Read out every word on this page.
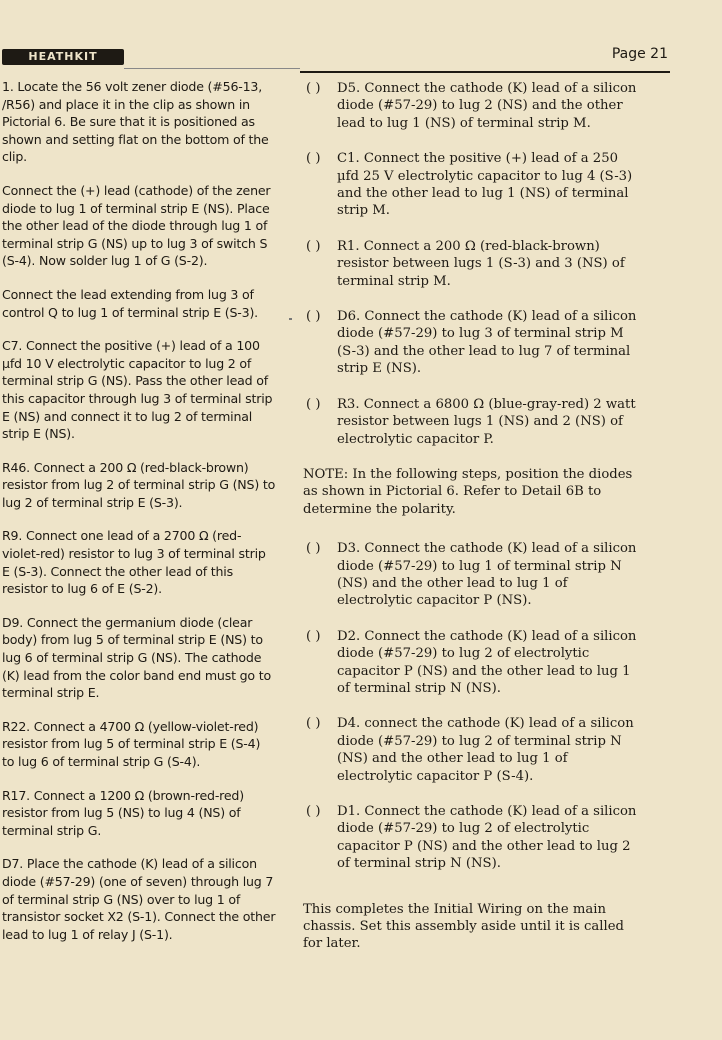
HEATHKIT	Page 21
1. Locate the 56 volt zener diode (#56-13, /R56) and place it in the clip as shown in Pictorial 6. Be sure that it is positioned as shown and setting flat on the bottom of the clip.
Connect the (+) lead (cathode) of the zener diode to lug 1 of terminal strip E (NS). Place the other lead of the diode through lug 1 of terminal strip G (NS) up to lug 3 of switch S (S-4). Now solder lug 1 of G (S-2).
Connect the lead extending from lug 3 of control Q to lug 1 of terminal strip E (S-3).
C7. Connect the positive (+) lead of a 100 µfd 10 V electrolytic capacitor to lug 2 of terminal strip G (NS). Pass the other lead of this capacitor through lug 3 of terminal strip E (NS) and connect it to lug 2 of terminal strip E (NS).
R46. Connect a 200 Ω (red-black-brown) resistor from lug 2 of terminal strip G (NS) to lug 2 of terminal strip E (S-3).
R9. Connect one lead of a 2700 Ω (red-violet-red) resistor to lug 3 of terminal strip E (S-3). Connect the other lead of this resistor to lug 6 of E (S-2).
D9. Connect the germanium diode (clear body) from lug 5 of terminal strip E (NS) to lug 6 of terminal strip G (NS). The cathode (K) lead from the color band end must go to terminal strip E.
R22. Connect a 4700 Ω (yellow-violet-red) resistor from lug 5 of terminal strip E (S-4) to lug 6 of terminal strip G (S-4).
R17. Connect a 1200 Ω (brown-red-red) resistor from lug 5 (NS) to lug 4 (NS) of terminal strip G.
D7. Place the cathode (K) lead of a silicon diode (#57-29) (one of seven) through lug 7 of terminal strip G (NS) over to lug 1 of transistor socket X2 (S-1). Connect the other lead to lug 1 of relay J (S-1).
( ) D5. Connect the cathode (K) lead of a silicon diode (#57-29) to lug 2 (NS) and the other lead to lug 1 (NS) of terminal strip M.
( ) C1. Connect the positive (+) lead of a 250 µfd 25 V electrolytic capacitor to lug 4 (S-3) and the other lead to lug 1 (NS) of terminal strip M.
( ) R1. Connect a 200 Ω (red-black-brown) resistor between lugs 1 (S-3) and 3 (NS) of terminal strip M.
( ) D6. Connect the cathode (K) lead of a silicon diode (#57-29) to lug 3 of terminal strip M (S-3) and the other lead to lug 7 of terminal strip E (NS).
( ) R3. Connect a 6800 Ω (blue-gray-red) 2 watt resistor between lugs 1 (NS) and 2 (NS) of electrolytic capacitor P.
NOTE: In the following steps, position the diodes as shown in Pictorial 6. Refer to Detail 6B to determine the polarity.
( ) D3. Connect the cathode (K) lead of a silicon diode (#57-29) to lug 1 of terminal strip N (NS) and the other lead to lug 1 of electrolytic capacitor P (NS).
( ) D2. Connect the cathode (K) lead of a silicon diode (#57-29) to lug 2 of electrolytic capacitor P (NS) and the other lead to lug 1 of terminal strip N (NS).
( ) D4. connect the cathode (K) lead of a silicon diode (#57-29) to lug 2 of terminal strip N (NS) and the other lead to lug 1 of electrolytic capacitor P (S-4).
( ) D1. Connect the cathode (K) lead of a silicon diode (#57-29) to lug 2 of electrolytic capacitor P (NS) and the other lead to lug 2 of terminal strip N (NS).
This completes the Initial Wiring on the main chassis. Set this assembly aside until it is called for later.
